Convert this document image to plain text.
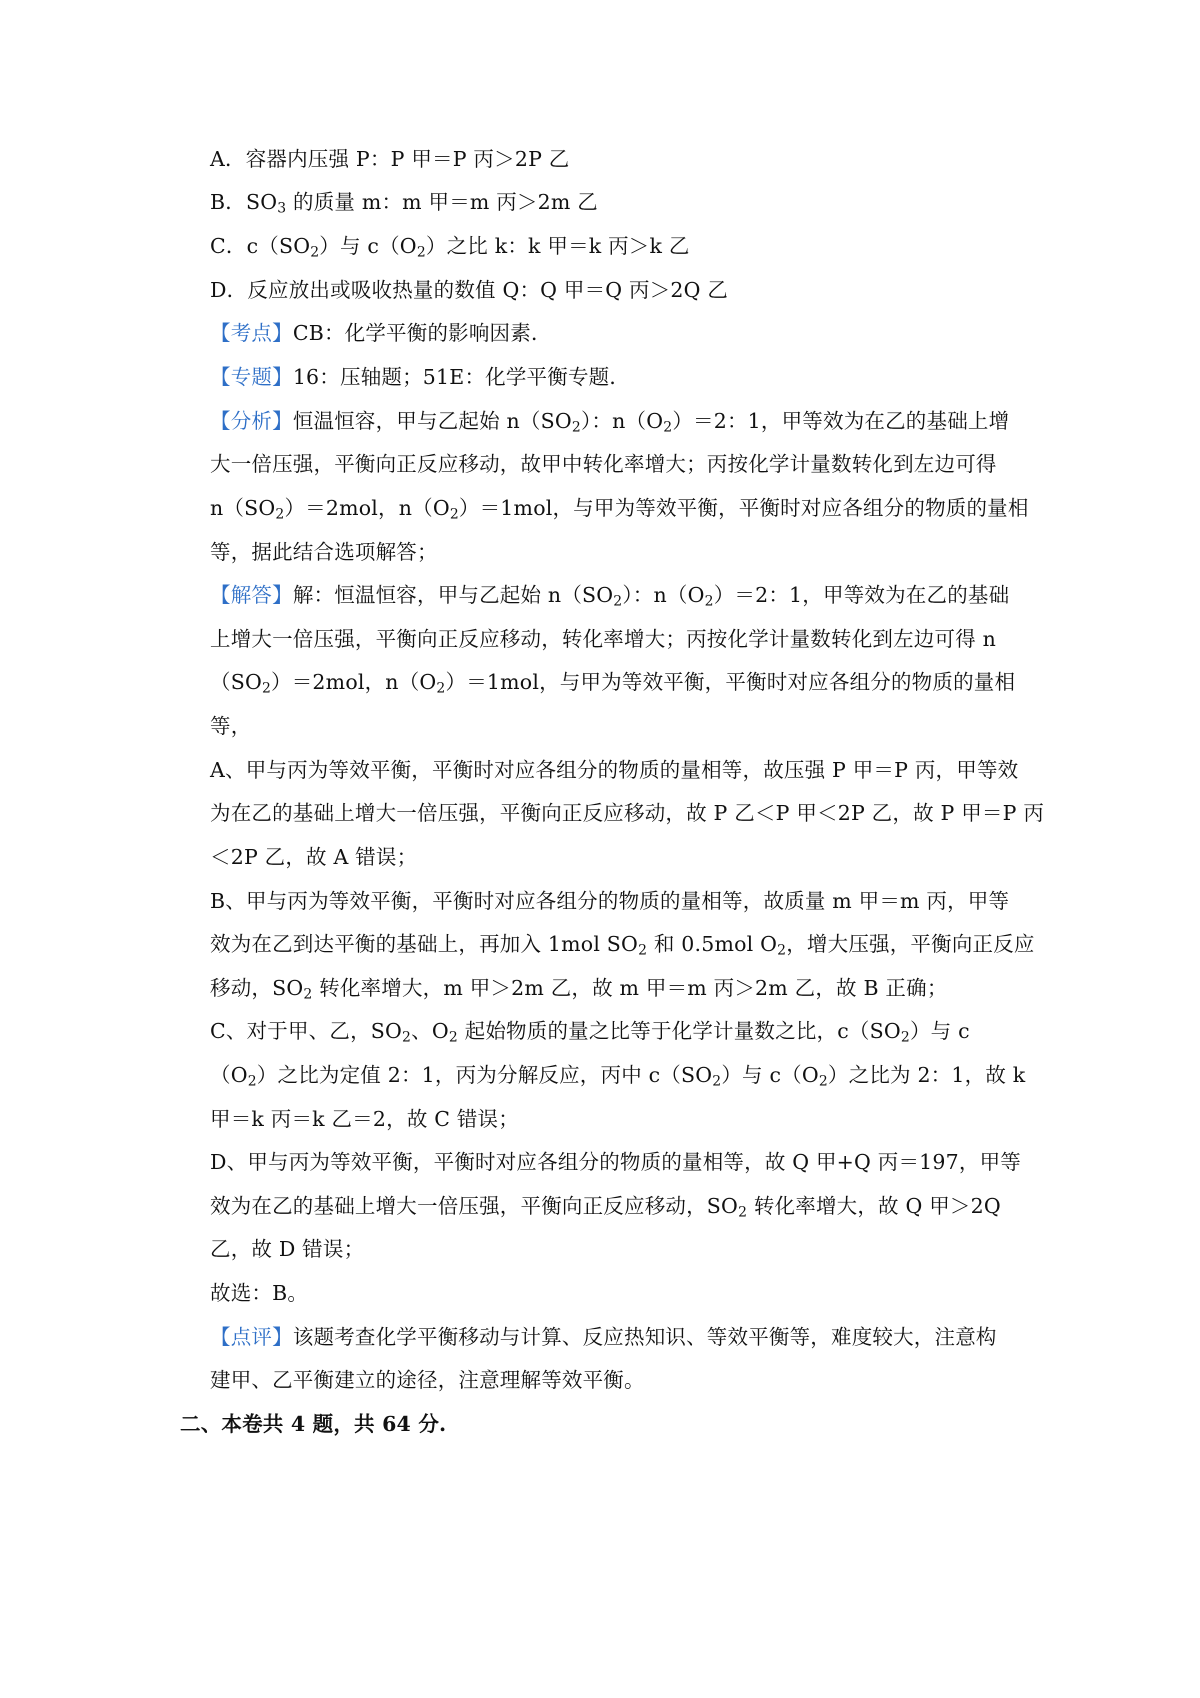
A．容器内压强 P：P 甲＝P 丙＞2P 乙
B．$SO_3$ 的质量 m：m 甲＝m 丙＞2m 乙
C．$c(SO_2)$与 $c(O_2)$之比 k：k 甲＝k 丙＞k 乙
D．反应放出或吸收热量的数值 Q：Q 甲＝Q 丙＞2Q 乙
【考点】CB：化学平衡的影响因素．
【专题】16：压轴题；51E：化学平衡专题．
【分析】恒温恒容，甲与乙起始 $n(SO_2)$：$n(O_2)=2$：1，甲等效为在乙的基础上增
大一倍压强，平衡向正反应移动，故甲中转化率增大；丙按化学计量数转化到左边可得
$n(SO_2)=2mol$，$n(O_2)=1mol$，与甲为等效平衡，平衡时对应各组分的物质的量相
等，据此结合选项解答；
【解答】解：恒温恒容，甲与乙起始 $n(SO_2)$：$n(O_2)=2$：1，甲等效为在乙的基础
上增大一倍压强，平衡向正反应移动，转化率增大；丙按化学计量数转化到左边可得 n
$(SO_2)=2mol$，$n(O_2)=1mol$，与甲为等效平衡，平衡时对应各组分的物质的量相
等，
A、甲与丙为等效平衡，平衡时对应各组分的物质的量相等，故压强 P 甲＝P 丙，甲等效
为在乙的基础上增大一倍压强，平衡向正反应移动，故 P 乙＜P 甲＜2P 乙，故 P 甲＝P 丙
＜2P 乙，故 A 错误；
B、甲与丙为等效平衡，平衡时对应各组分的物质的量相等，故质量 m 甲＝m 丙，甲等
效为在乙到达平衡的基础上，再加入 1mol $SO_2$ 和 0.5mol $O_2$，增大压强，平衡向正反应
移动，$SO_2$ 转化率增大，m 甲＞2m 乙，故 m 甲＝m 丙＞2m 乙，故 B 正确；
C、对于甲、乙，$SO_2$、$O_2$ 起始物质的量之比等于化学计量数之比，$c(SO_2)$与 c
$(O_2)$之比为定值 2：1，丙为分解反应，丙中 $c(SO_2)$与 $c(O_2)$之比为 2：1，故 k
甲＝k 丙＝k 乙＝2，故 C 错误；
D、甲与丙为等效平衡，平衡时对应各组分的物质的量相等，故 Q 甲+Q 丙＝197，甲等
效为在乙的基础上增大一倍压强，平衡向正反应移动，$SO_2$ 转化率增大，故 Q 甲＞2Q
乙，故 D 错误；
故选：B。
【点评】该题考查化学平衡移动与计算、反应热知识、等效平衡等，难度较大，注意构
建甲、乙平衡建立的途径，注意理解等效平衡。
二、本卷共 4 题，共 64 分.
